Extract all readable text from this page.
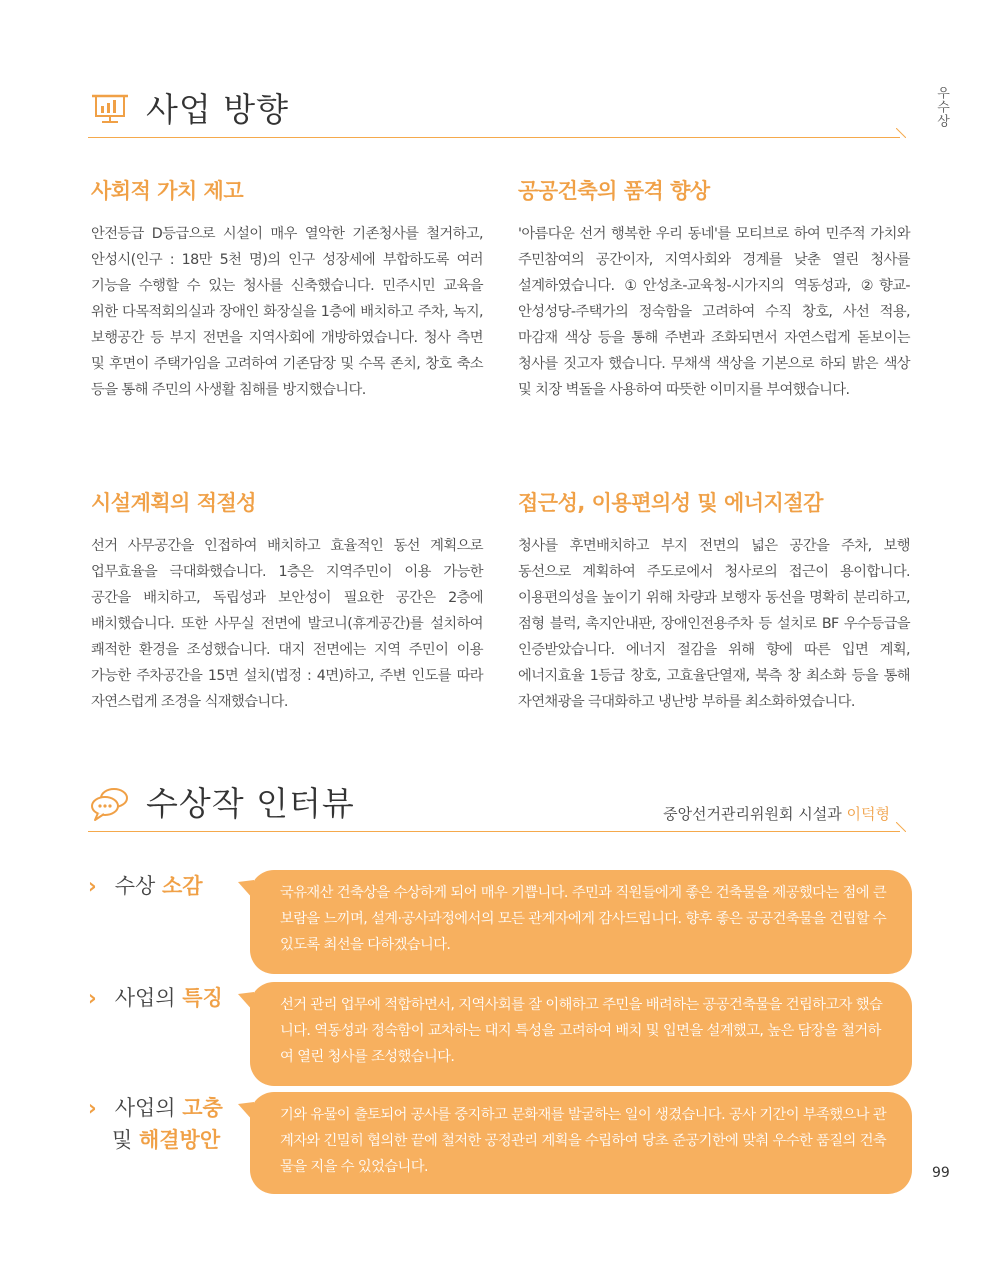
우수상
사업 방향
사회적 가치 제고

안전등급 D등급으로 시설이 매우 열악한 기존청사를 철거하고, 안성시(인구 : 18만 5천 명)의 인구 성장세에 부합하도록 여러 기능을 수행할 수 있는 청사를 신축했습니다. 민주시민 교육을 위한 다목적회의실과 장애인 화장실을 1층에 배치하고 주차, 녹지, 보행공간 등 부지 전면을 지역사회에 개방하였습니다. 청사 측면 및 후면이 주택가임을 고려하여 기존담장 및 수목 존치, 창호 축소 등을 통해 주민의 사생활 침해를 방지했습니다.

공공건축의 품격 향상

'아름다운 선거 행복한 우리 동네'를 모티브로 하여 민주적 가치와 주민참여의 공간이자, 지역사회와 경계를 낮춘 열린 청사를 설계하였습니다. ①안성초-교육청-시가지의 역동성과, ②향교-안성성당-주택가의 정숙함을 고려하여 수직 창호, 사선 적용, 마감재 색상 등을 통해 주변과 조화되면서 자연스럽게 돋보이는 청사를 짓고자 했습니다. 무채색 색상을 기본으로 하되 밝은 색상 및 치장 벽돌을 사용하여 따뜻한 이미지를 부여했습니다.

시설계획의 적절성

선거 사무공간을 인접하여 배치하고 효율적인 동선 계획으로 업무효율을 극대화했습니다. 1층은 지역주민이 이용 가능한 공간을 배치하고, 독립성과 보안성이 필요한 공간은 2층에 배치했습니다. 또한 사무실 전면에 발코니(휴게공간)를 설치하여 쾌적한 환경을 조성했습니다. 대지 전면에는 지역 주민이 이용 가능한 주차공간을 15면 설치(법정 : 4면)하고, 주변 인도를 따라 자연스럽게 조경을 식재했습니다.

접근성, 이용편의성 및 에너지절감

청사를 후면배치하고 부지 전면의 넓은 공간을 주차, 보행 동선으로 계획하여 주도로에서 청사로의 접근이 용이합니다. 이용편의성을 높이기 위해 차량과 보행자 동선을 명확히 분리하고, 점형 블럭, 촉지안내판, 장애인전용주차 등 설치로 BF 우수등급을 인증받았습니다. 에너지 절감을 위해 향에 따른 입면 계획, 에너지효율 1등급 창호, 고효율단열재, 북측 창 최소화 등을 통해 자연채광을 극대화하고 냉난방 부하를 최소화하였습니다.

수상작 인터뷰	중앙선거관리위원회 시설과 이덕형
› 수상 소감	국유재산 건축상을 수상하게 되어 매우 기쁩니다. 주민과 직원들에게 좋은 건축물을 제공했다는 점에 큰 보람을 느끼며, 설계·공사과정에서의 모든 관계자에게 감사드립니다. 향후 좋은 공공건축물을 건립할 수 있도록 최선을 다하겠습니다.
› 사업의 특징	선거 관리 업무에 적합하면서, 지역사회를 잘 이해하고 주민을 배려하는 공공건축물을 건립하고자 했습니다. 역동성과 정숙함이 교차하는 대지 특성을 고려하여 배치 및 입면을 설계했고, 높은 담장을 철거하여 열린 청사를 조성했습니다.
› 사업의 고충
및 해결방안
기와 유물이 출토되어 공사를 중지하고 문화재를 발굴하는 일이 생겼습니다. 공사 기간이 부족했으나 관계자와 긴밀히 협의한 끝에 철저한 공정관리 계획을 수립하여 당초 준공기한에 맞춰 우수한 품질의 건축물을 지을 수 있었습니다.	99
